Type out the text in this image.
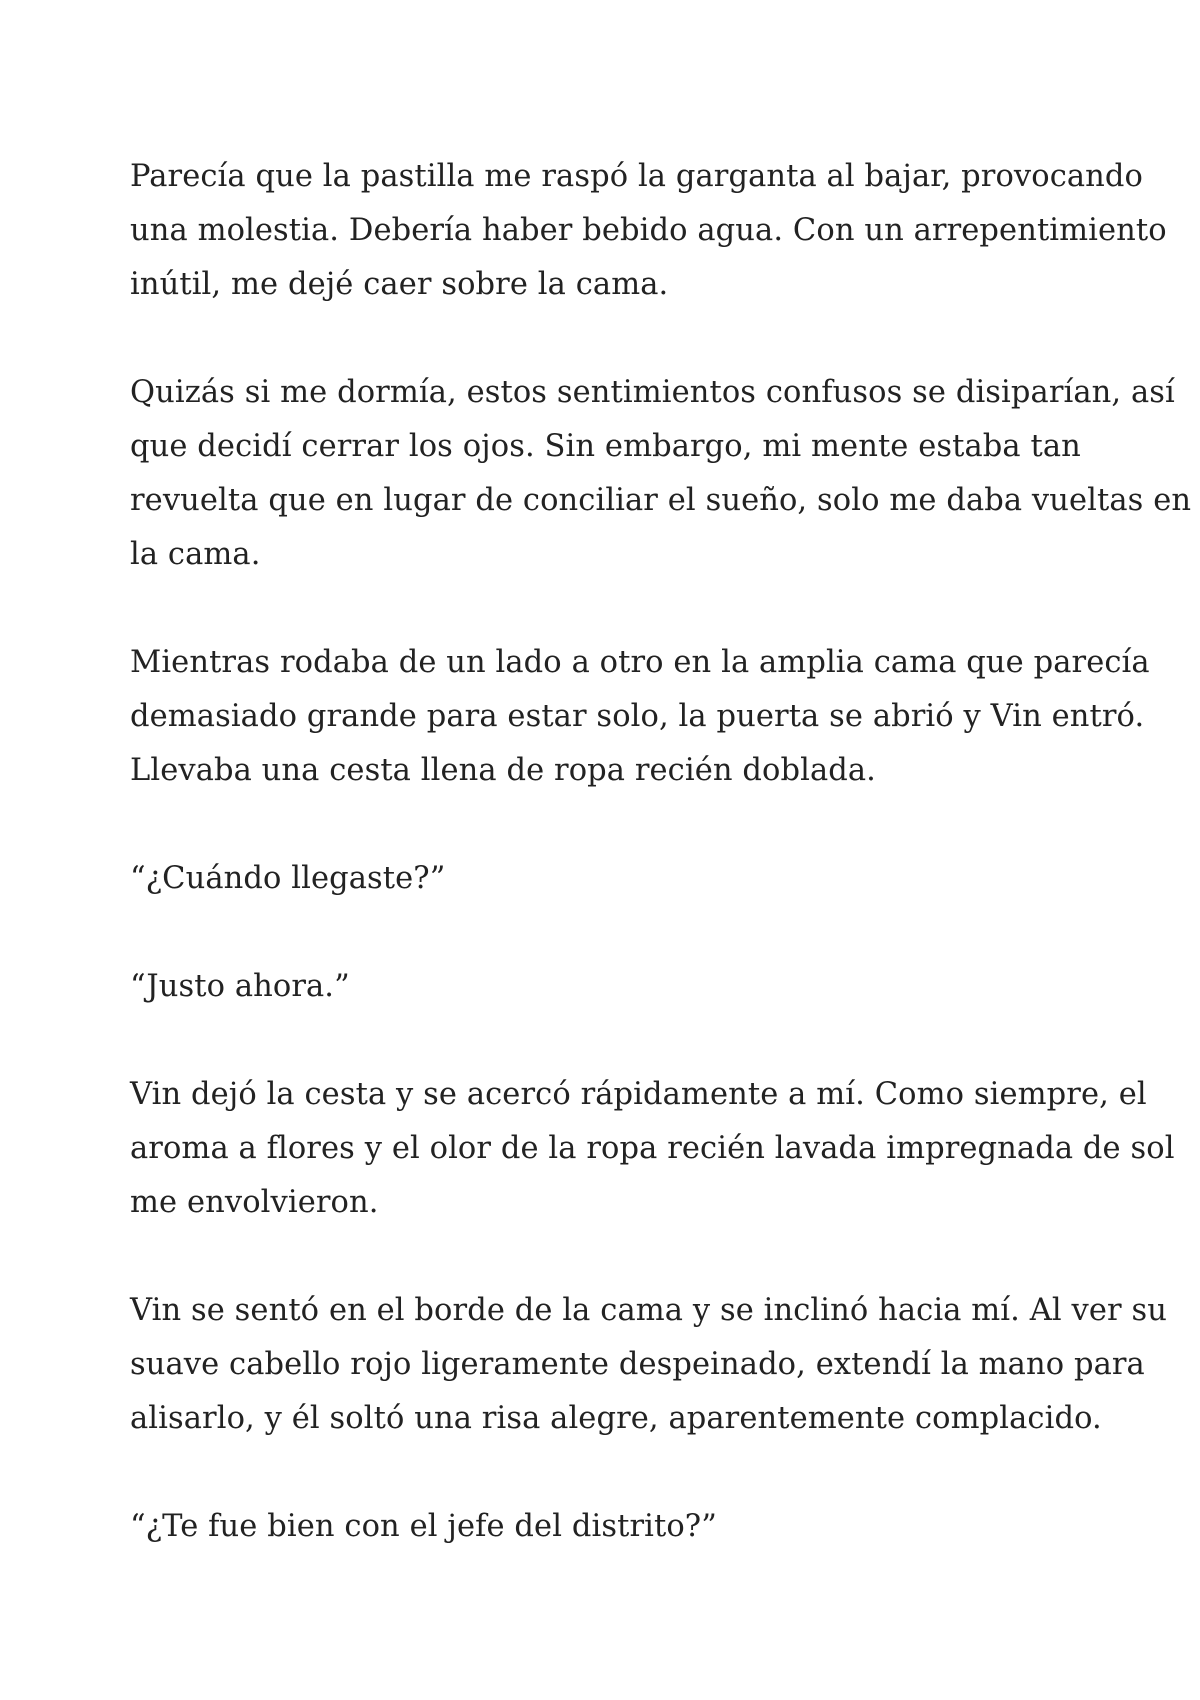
Parecía que la pastilla me raspó la garganta al bajar, provocando
una molestia. Debería haber bebido agua. Con un arrepentimiento
inútil, me dejé caer sobre la cama.

Quizás si me dormía, estos sentimientos confusos se disiparían, así
que decidí cerrar los ojos. Sin embargo, mi mente estaba tan
revuelta que en lugar de conciliar el sueño, solo me daba vueltas en
la cama.

Mientras rodaba de un lado a otro en la amplia cama que parecía
demasiado grande para estar solo, la puerta se abrió y Vin entró.
Llevaba una cesta llena de ropa recién doblada.

“¿Cuándo llegaste?”

“Justo ahora.”

Vin dejó la cesta y se acercó rápidamente a mí. Como siempre, el
aroma a flores y el olor de la ropa recién lavada impregnada de sol
me envolvieron.

Vin se sentó en el borde de la cama y se inclinó hacia mí. Al ver su
suave cabello rojo ligeramente despeinado, extendí la mano para
alisarlo, y él soltó una risa alegre, aparentemente complacido.

“¿Te fue bien con el jefe del distrito?”
